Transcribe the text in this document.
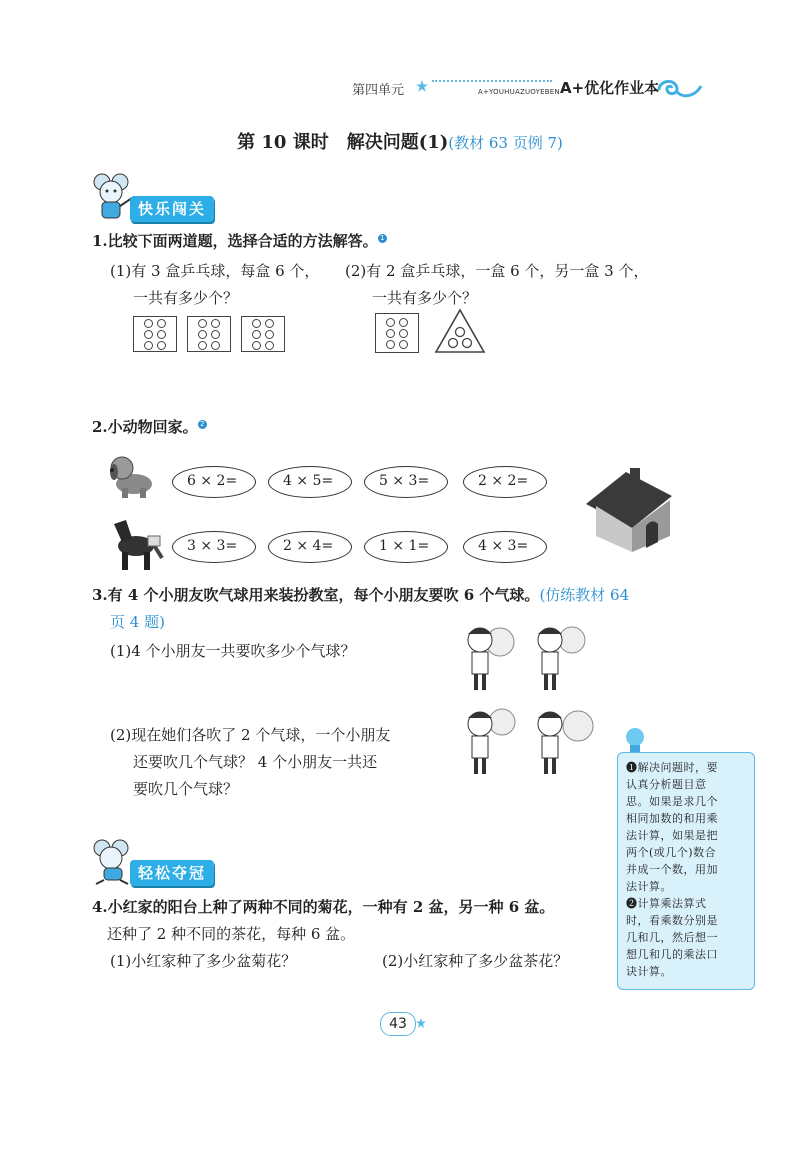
第四单元	A+YOUHUAZUOYEBEN A+优化作业本
第 10 课时　解决问题(1)(教材 63 页例 7)
快乐闯关
1.比较下面两道题，选择合适的方法解答。 1
(1)有 3 盒乒乓球，每盒 6 个，
一共有多少个？
(2)有 2 盒乒乓球，一盒 6 个，另一盒 3 个，
一共有多少个？
2.小动物回家。 2
6 × 2=	4 × 5=	5 × 3=	2 × 2=
3 × 3=	2 × 4=	1 × 1=	4 × 3=
3.有 4 个小朋友吹气球用来装扮教室，每个小朋友要吹 6 个气球。(仿练教材 64
页 4 题)
(1)4 个小朋友一共要吹多少个气球？
(2)现在她们各吹了 2 个气球，一个小朋友
还要吹几个气球？ 4 个小朋友一共还
要吹几个气球？
❶解决问题时，要
认真分析题目意
思。如果是求几个
相同加数的和用乘
法计算，如果是把
两个(或几个)数合
并成一个数，用加
法计算。
❷计算乘法算式
时，看乘数分别是
几和几，然后想一
想几和几的乘法口
诀计算。
轻松夺冠
4.小红家的阳台上种了两种不同的菊花，一种有 2 盆，另一种 6 盆。
还种了 2 种不同的茶花，每种 6 盆。
(1)小红家种了多少盆菊花？	(2)小红家种了多少盆茶花？
43
